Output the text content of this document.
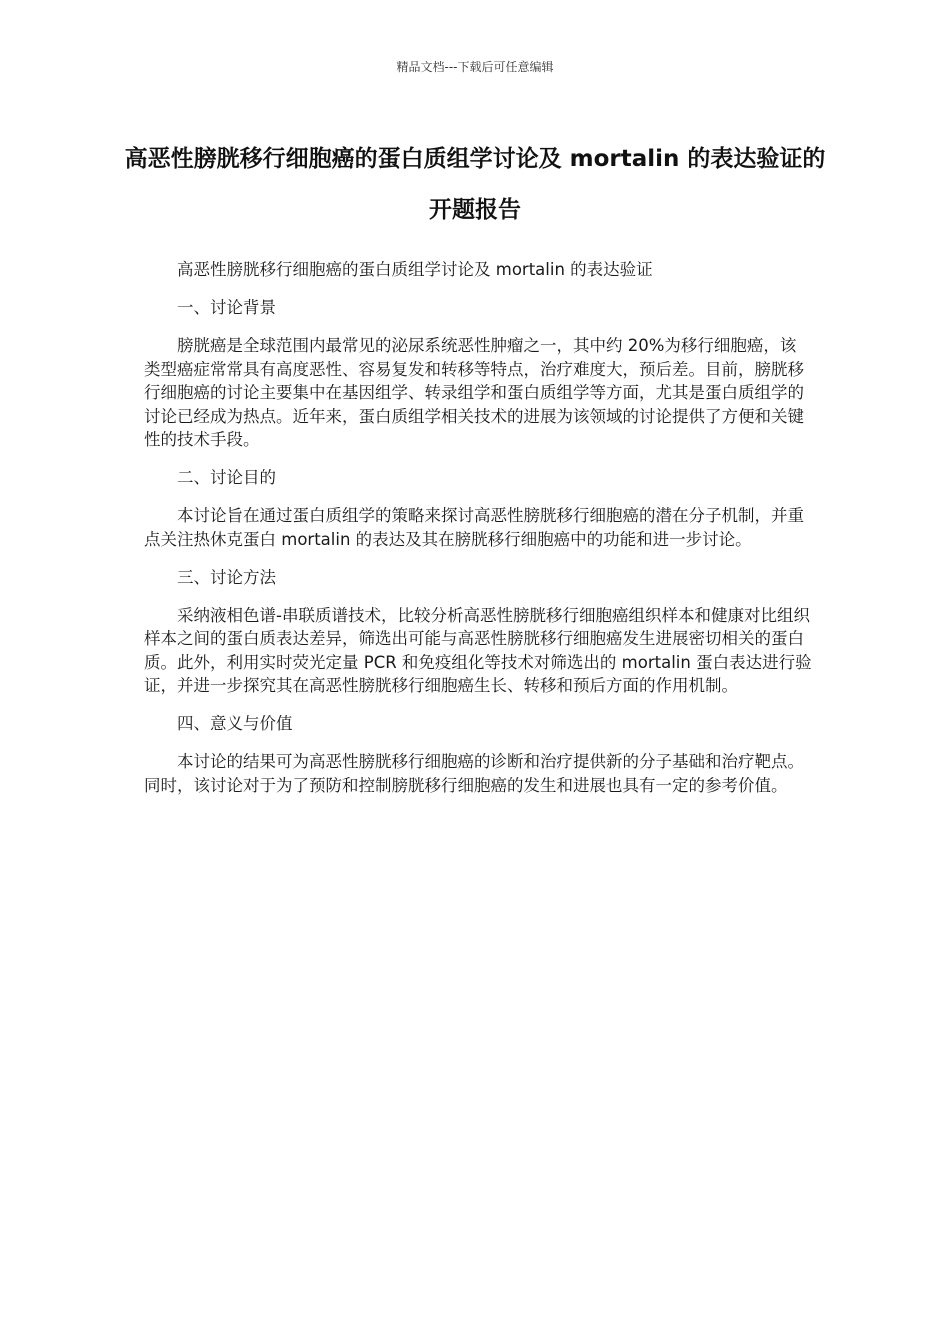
精品文档---下载后可任意编辑
高恶性膀胱移行细胞癌的蛋白质组学讨论及 mortalin 的表达验证的开题报告

高恶性膀胱移行细胞癌的蛋白质组学讨论及 mortalin 的表达验证

一、讨论背景

膀胱癌是全球范围内最常见的泌尿系统恶性肿瘤之一，其中约 20%为移行细胞癌，该类型癌症常常具有高度恶性、容易复发和转移等特点，治疗难度大，预后差。目前，膀胱移行细胞癌的讨论主要集中在基因组学、转录组学和蛋白质组学等方面，尤其是蛋白质组学的讨论已经成为热点。近年来，蛋白质组学相关技术的进展为该领域的讨论提供了方便和关键性的技术手段。

二、讨论目的

本讨论旨在通过蛋白质组学的策略来探讨高恶性膀胱移行细胞癌的潜在分子机制，并重点关注热休克蛋白 mortalin 的表达及其在膀胱移行细胞癌中的功能和进一步讨论。

三、讨论方法

采纳液相色谱-串联质谱技术，比较分析高恶性膀胱移行细胞癌组织样本和健康对比组织样本之间的蛋白质表达差异，筛选出可能与高恶性膀胱移行细胞癌发生进展密切相关的蛋白质。此外，利用实时荧光定量 PCR 和免疫组化等技术对筛选出的 mortalin 蛋白表达进行验证，并进一步探究其在高恶性膀胱移行细胞癌生长、转移和预后方面的作用机制。

四、意义与价值

本讨论的结果可为高恶性膀胱移行细胞癌的诊断和治疗提供新的分子基础和治疗靶点。同时，该讨论对于为了预防和控制膀胱移行细胞癌的发生和进展也具有一定的参考价值。
